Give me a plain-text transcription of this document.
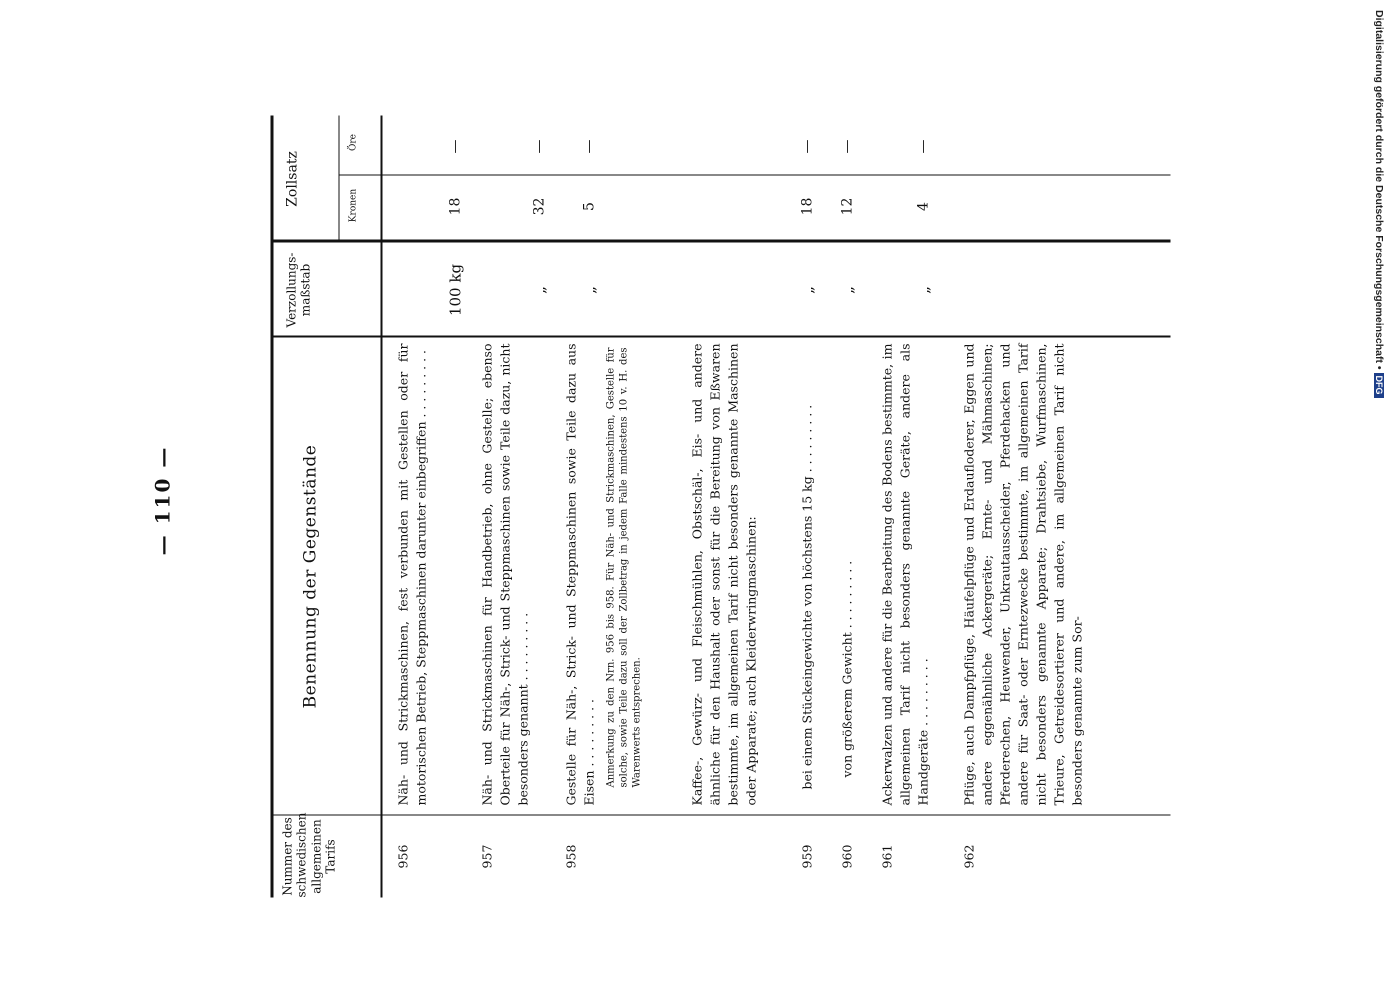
— 110 —
Nummer des schwedischen allgemeinen Tarifs
Benennung der Gegenstände
Verzollungsmaßstab
Zollsatz	Kronen
Öre
956
Näh- und Strickmaschinen, fest verbunden mit Gestellen oder für motorischen Betrieb, Steppmaschinen darunter einbegriffen . . .
100 kg
18
—
957
Näh- und Strickmaschinen für Handbetrieb, ohne Gestelle; ebenso Oberteile für Näh-, Strick- und Steppmaschinen sowie Teile dazu, nicht besonders genannt . . .
„
32
—
958
Gestelle für Näh-, Strick- und Steppmaschinen sowie Teile dazu aus Eisen . . .
„
5
—
Anmerkung zu den Nrn. 956 bis 958. Für Näh- und Strickmaschinen, Gestelle für solche, sowie Teile dazu soll der Zollbetrag in jedem Falle mindestens 10 v. H. des Warenwerts entsprechen.	Kaffee-, Gewürz- und Fleischmühlen, Obstschäl-, Eis- und andere ähnliche für den Haushalt oder sonst für die Bereitung von Eßwaren bestimmte, im allgemeinen Tarif nicht besonders genannte Maschinen oder Apparate; auch Kleiderwringmaschinen:
959
bei einem Stückeingewichte von höchstens 15 kg . . .
„
18
—
960
von größerem Gewicht . . .
„
12
—
961
Ackerwalzen und andere für die Bearbeitung des Bodens bestimmte, im allgemeinen Tarif nicht besonders genannte Geräte, andere als Handgeräte . . .
„
4
—
962
Pflüge, auch Dampfpflüge, Häufelpflüge und Erdaufloderer, Eggen und andere eggenähnliche Ackergeräte; Ernte- und Mähmaschinen; Pferderechen, Heuwender, Unkrautausscheider, Pferdehacken und andere für Saat- oder Erntezwecke bestimmte, im allgemeinen Tarif nicht besonders genannte Apparate; Drahtsiebe, Wurfmaschinen, Trieure, Getreidesortierer und andere, im allgemeinen Tarif nicht besonders genannte zum Sor-
Digitalisierung gefördert durch die Deutsche Forschungsgemeinschaft • DFG
